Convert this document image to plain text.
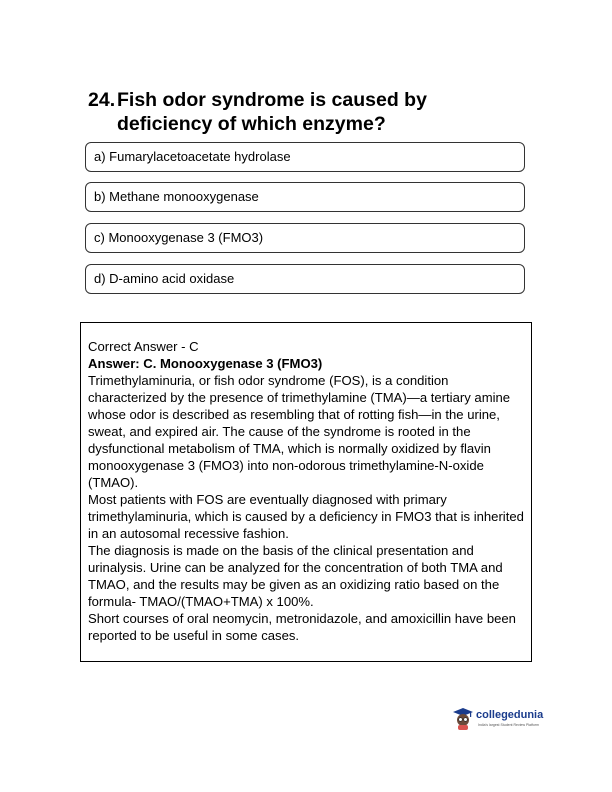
24. Fish odor syndrome is caused by deficiency of which enzyme?
a) Fumarylacetoacetate hydrolase
b) Methane monooxygenase
c) Monooxygenase 3 (FMO3)
d) D-amino acid oxidase

Correct Answer - C

Answer: C. Monooxygenase 3 (FMO3)

Trimethylaminuria, or fish odor syndrome (FOS), is a condition characterized by the presence of trimethylamine (TMA)—a tertiary amine whose odor is described as resembling that of rotting fish—in the urine, sweat, and expired air. The cause of the syndrome is rooted in the dysfunctional metabolism of TMA, which is normally oxidized by flavin monooxygenase 3 (FMO3) into non-odorous trimethylamine-N-oxide (TMAO).

Most patients with FOS are eventually diagnosed with primary trimethylaminuria, which is caused by a deficiency in FMO3 that is inherited in an autosomal recessive fashion.

The diagnosis is made on the basis of the clinical presentation and urinalysis. Urine can be analyzed for the concentration of both TMA and TMAO, and the results may be given as an oxidizing ratio based on the formula- TMAO/(TMAO+TMA) x 100%.

Short courses of oral neomycin, metronidazole, and amoxicillin have been reported to be useful in some cases.

collegedunia
India's largest Student Review Platform
